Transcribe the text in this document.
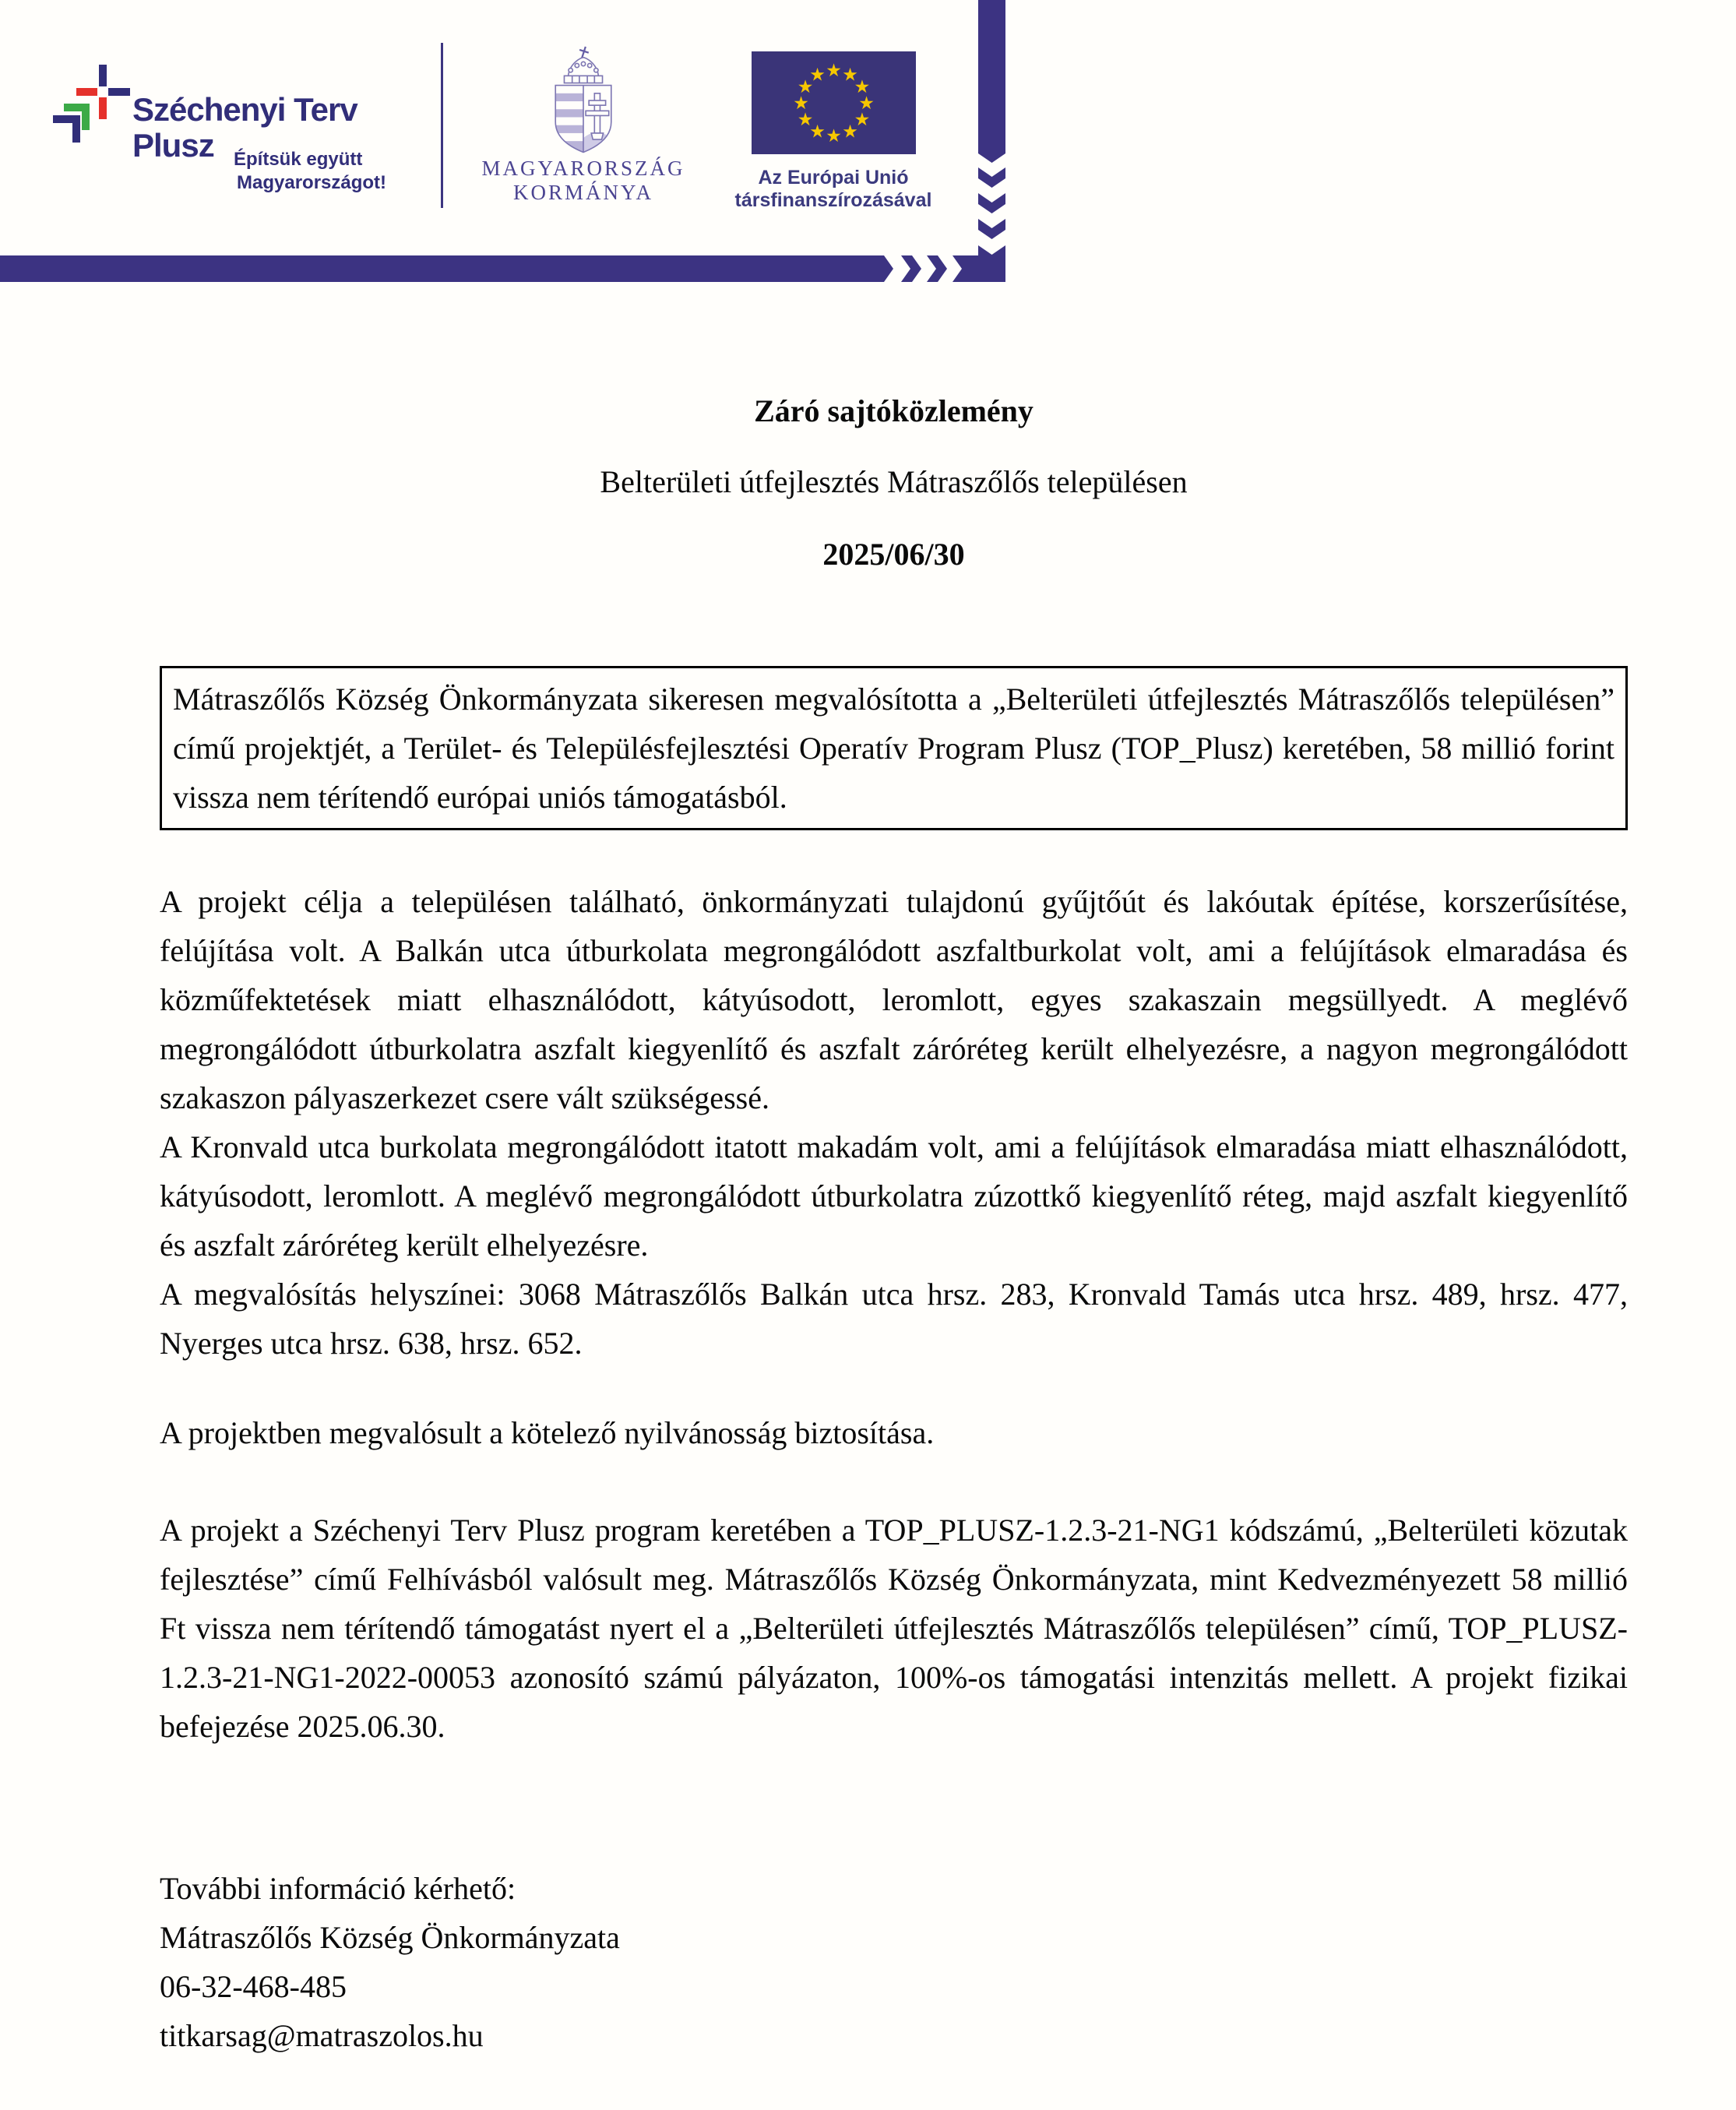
Széchenyi Terv
Plusz	Építsük együtt
Magyarországot!
MAGYARORSZÁG
KORMÁNYA
★ ★
★
★
★
★
★
★
★
★
★
★
Az Európai Unió
társfinanszírozásával

Záró sajtóközlemény

Belterületi útfejlesztés Mátraszőlős településen

2025/06/30

Mátraszőlős Község Önkormányzata sikeresen megvalósította a „Belterületi útfejlesztés Mátraszőlős településen” című projektjét, a Terület- és Településfejlesztési Operatív Program Plusz (TOP_Plusz) keretében, 58 millió forint vissza nem térítendő európai uniós támogatásból.

A projekt célja a településen található, önkormányzati tulajdonú gyűjtőút és lakóutak építése, korszerűsítése, felújítása volt. A Balkán utca útburkolata megrongálódott aszfaltburkolat volt, ami a felújítások elmaradása és közműfektetések miatt elhasználódott, kátyúsodott, leromlott, egyes szakaszain megsüllyedt. A meglévő megrongálódott útburkolatra aszfalt kiegyenlítő és aszfalt záróréteg került elhelyezésre, a nagyon megrongálódott szakaszon pályaszerkezet csere vált szükségessé.

A Kronvald utca burkolata megrongálódott itatott makadám volt, ami a felújítások elmaradása miatt elhasználódott, kátyúsodott, leromlott. A meglévő megrongálódott útburkolatra zúzottkő kiegyenlítő réteg, majd aszfalt kiegyenlítő és aszfalt záróréteg került elhelyezésre.

A megvalósítás helyszínei: 3068 Mátraszőlős Balkán utca hrsz. 283, Kronvald Tamás utca hrsz. 489, hrsz. 477, Nyerges utca hrsz. 638, hrsz. 652.

A projektben megvalósult a kötelező nyilvánosság biztosítása.

A projekt a Széchenyi Terv Plusz program keretében a TOP_PLUSZ-1.2.3-21-NG1 kódszámú, „Belterületi közutak fejlesztése” című Felhívásból valósult meg. Mátraszőlős Község Önkormányzata, mint Kedvezményezett 58 millió Ft vissza nem térítendő támogatást nyert el a „Belterületi útfejlesztés Mátraszőlős településen” című, TOP_PLUSZ-1.2.3-21-NG1-2022-00053 azonosító számú pályázaton, 100%-os támogatási intenzitás mellett. A projekt fizikai befejezése 2025.06.30.

További információ kérhető:

Mátraszőlős Község Önkormányzata

06-32-468-485

titkarsag@matraszolos.hu
